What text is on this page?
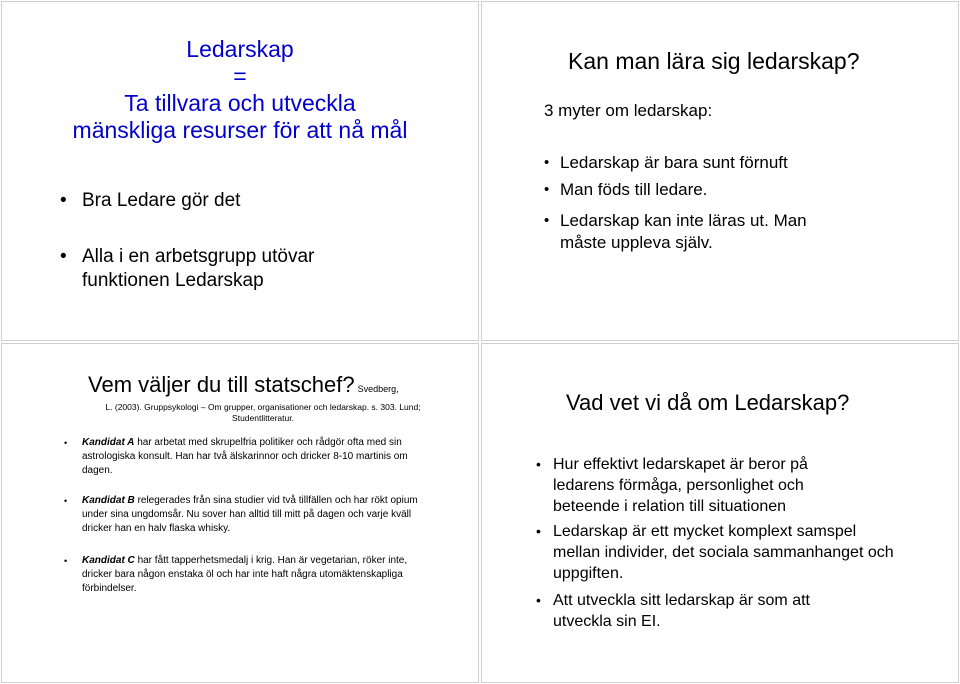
Ledarskap
=
Ta tillvara och utveckla
mänskliga resurser för att nå mål
• Bra Ledare gör det
• Alla i en arbetsgrupp utövar funktionen Ledarskap
Kan man lära sig ledarskap?
3 myter om ledarskap:
• Ledarskap är bara sunt förnuft
• Man föds till ledare.
• Ledarskap kan inte läras ut. Man måste uppleva själv.
Vem väljer du till statschef? Svedberg,
L. (2003). Gruppsykologi – Om grupper, organisationer och ledarskap. s. 303. Lund; Studentlitteratur.
• Kandidat A har arbetat med skrupelfria politiker och rådgör ofta med sin astrologiska konsult. Han har två älskarinnor och dricker 8-10 martinis om dagen.
• Kandidat B relegerades från sina studier vid två tillfällen och har rökt opium under sina ungdomsår. Nu sover han alltid till mitt på dagen och varje kväll dricker han en halv flaska whisky.
• Kandidat C har fått tapperhetsmedalj i krig. Han är vegetarian, röker inte, dricker bara någon enstaka öl och har inte haft några utomäktenskapliga förbindelser.
Vad vet vi då om Ledarskap?
• Hur effektivt ledarskapet är beror på ledarens förmåga, personlighet och beteende i relation till situationen
• Ledarskap är ett mycket komplext samspel mellan individer, det sociala sammanhanget och uppgiften.
• Att utveckla sitt ledarskap är som att utveckla sin EI.
